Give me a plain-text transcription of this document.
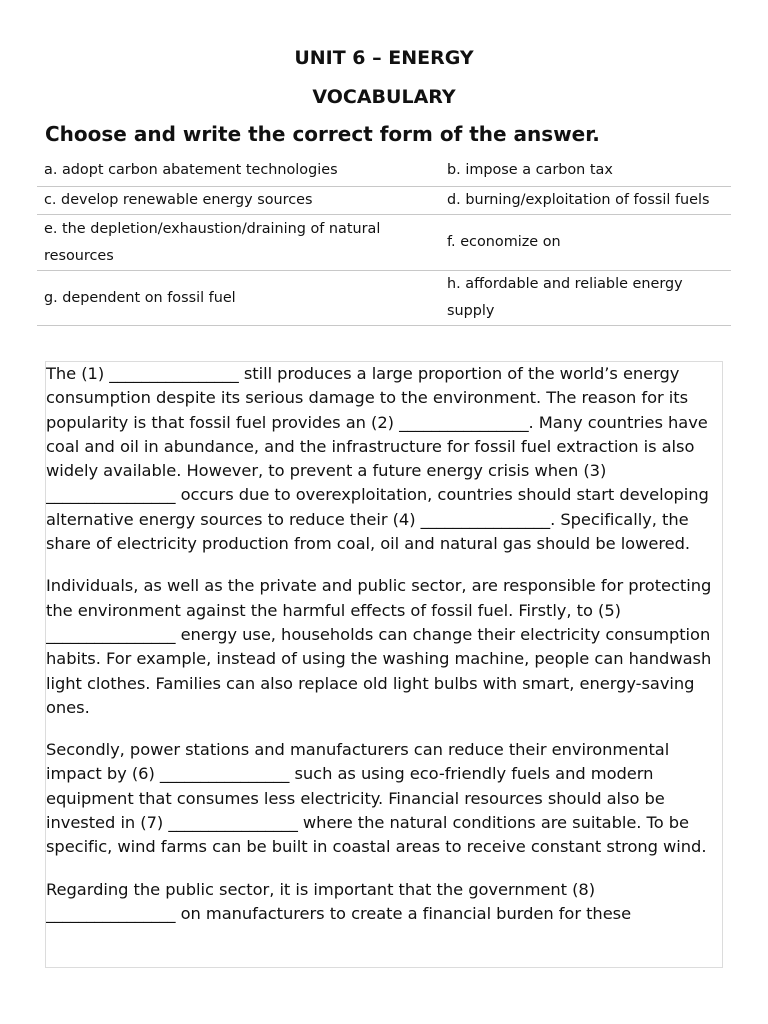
UNIT 6 – ENERGY
VOCABULARY

Choose and write the correct form of the answer.

a. adopt carbon abatement technologies	b. impose a carbon tax
c. develop renewable energy sources	d. burning/exploitation of fossil fuels
e. the depletion/exhaustion/draining of natural resources	f. economize on
g. dependent on fossil fuel	h. affordable and reliable energy supply

The (1) ________________ still produces a large proportion of the world’s energy consumption despite its serious damage to the environment. The reason for its popularity is that fossil fuel provides an (2) ________________. Many countries have coal and oil in abundance, and the infrastructure for fossil fuel extraction is also widely available. However, to prevent a future energy crisis when (3) ________________ occurs due to overexploitation, countries should start developing alternative energy sources to reduce their (4) ________________. Specifically, the share of electricity production from coal, oil and natural gas should be lowered.

Individuals, as well as the private and public sector, are responsible for protecting the environment against the harmful effects of fossil fuel. Firstly, to (5) ________________ energy use, households can change their electricity consumption habits. For example, instead of using the washing machine, people can handwash light clothes. Families can also replace old light bulbs with smart, energy-saving ones.

Secondly, power stations and manufacturers can reduce their environmental impact by (6) ________________ such as using eco-friendly fuels and modern equipment that consumes less electricity. Financial resources should also be invested in (7) ________________ where the natural conditions are suitable. To be specific, wind farms can be built in coastal areas to receive constant strong wind.

Regarding the public sector, it is important that the government (8) ________________ on manufacturers to create a financial burden for these
